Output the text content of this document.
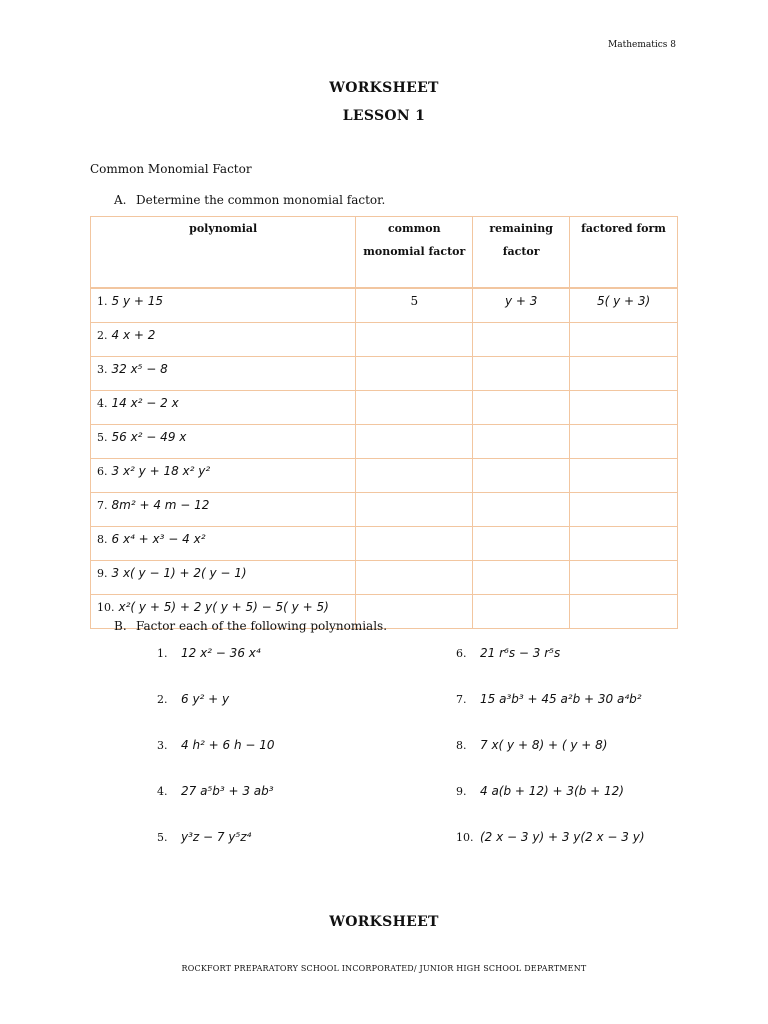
Mathematics 8
WORKSHEET
LESSON 1
Common Monomial Factor
A. Determine the common monomial factor.
polynomial	common monomial factor	remaining factor	factored form
1. 5 y + 15	5	y + 3	5( y + 3)
2. 4 x + 2			
3. 32 x⁵ − 8			
4. 14 x² − 2 x			
5. 56 x² − 49 x			
6. 3 x² y + 18 x² y²			
7. 8m² + 4 m − 12			
8. 6 x⁴ + x³ − 4 x²			
9. 3 x( y − 1) + 2( y − 1)			
10. x²( y + 5) + 2 y( y + 5) − 5( y + 5)			
B. Factor each of the following polynomials.
1. 12 x² − 36 x⁴
2. 6 y² + y
3. 4 h² + 6 h − 10
4. 27 a⁵b³ + 3 ab³
5. y³z − 7 y⁵z⁴
6. 21 r⁶s − 3 r⁵s
7. 15 a³b³ + 45 a²b + 30 a⁴b²
8. 7 x( y + 8) + ( y + 8)
9. 4 a(b + 12) + 3(b + 12)
10. (2 x − 3 y) + 3 y(2 x − 3 y)
WORKSHEET
ROCKFORT PREPARATORY SCHOOL INCORPORATED/ JUNIOR HIGH SCHOOL DEPARTMENT
